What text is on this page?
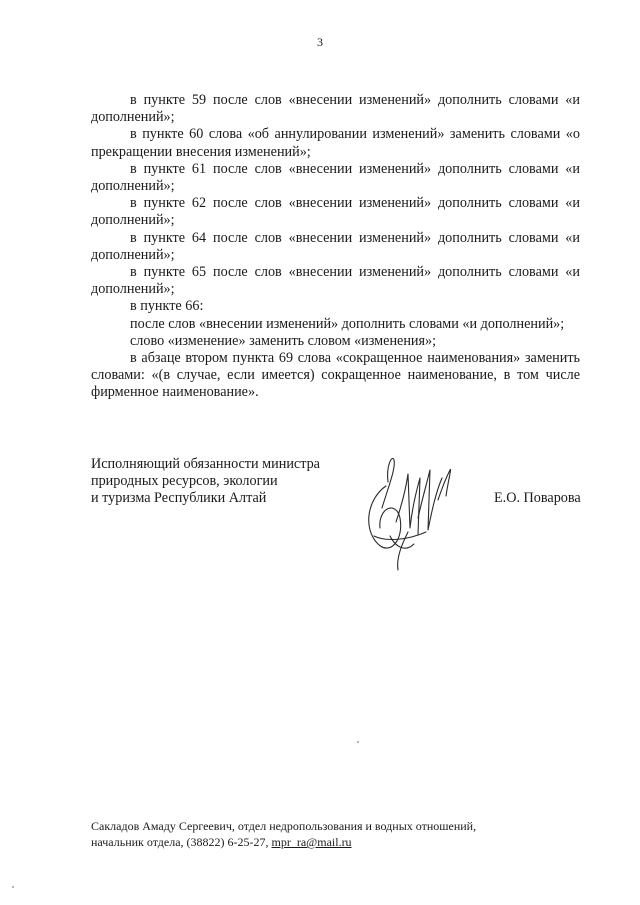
3

в пункте 59 после слов «внесении изменений» дополнить словами «и дополнений»;

в пункте 60 слова «об аннулировании изменений» заменить словами «о прекращении внесения изменений»;

в пункте 61 после слов «внесении изменений» дополнить словами «и дополнений»;

в пункте 62 после слов «внесении изменений» дополнить словами «и дополнений»;

в пункте 64 после слов «внесении изменений» дополнить словами «и дополнений»;

в пункте 65 после слов «внесении изменений» дополнить словами «и дополнений»;

в пункте 66:

после слов «внесении изменений» дополнить словами «и дополнений»;

слово «изменение» заменить словом «изменения»;

в абзаце втором пункта 69 слова «сокращенное наименования» заменить словами: «(в случае, если имеется) сокращенное наименование, в том числе фирменное наименование».

Исполняющий обязанности министра
природных ресурсов, экологии
и туризма Республики Алтай	Е.О. Поварова
Сакладов Амаду Сергеевич, отдел недропользования и водных отношений,
начальник отдела, (38822) 6-25-27, mpr_ra@mail.ru
